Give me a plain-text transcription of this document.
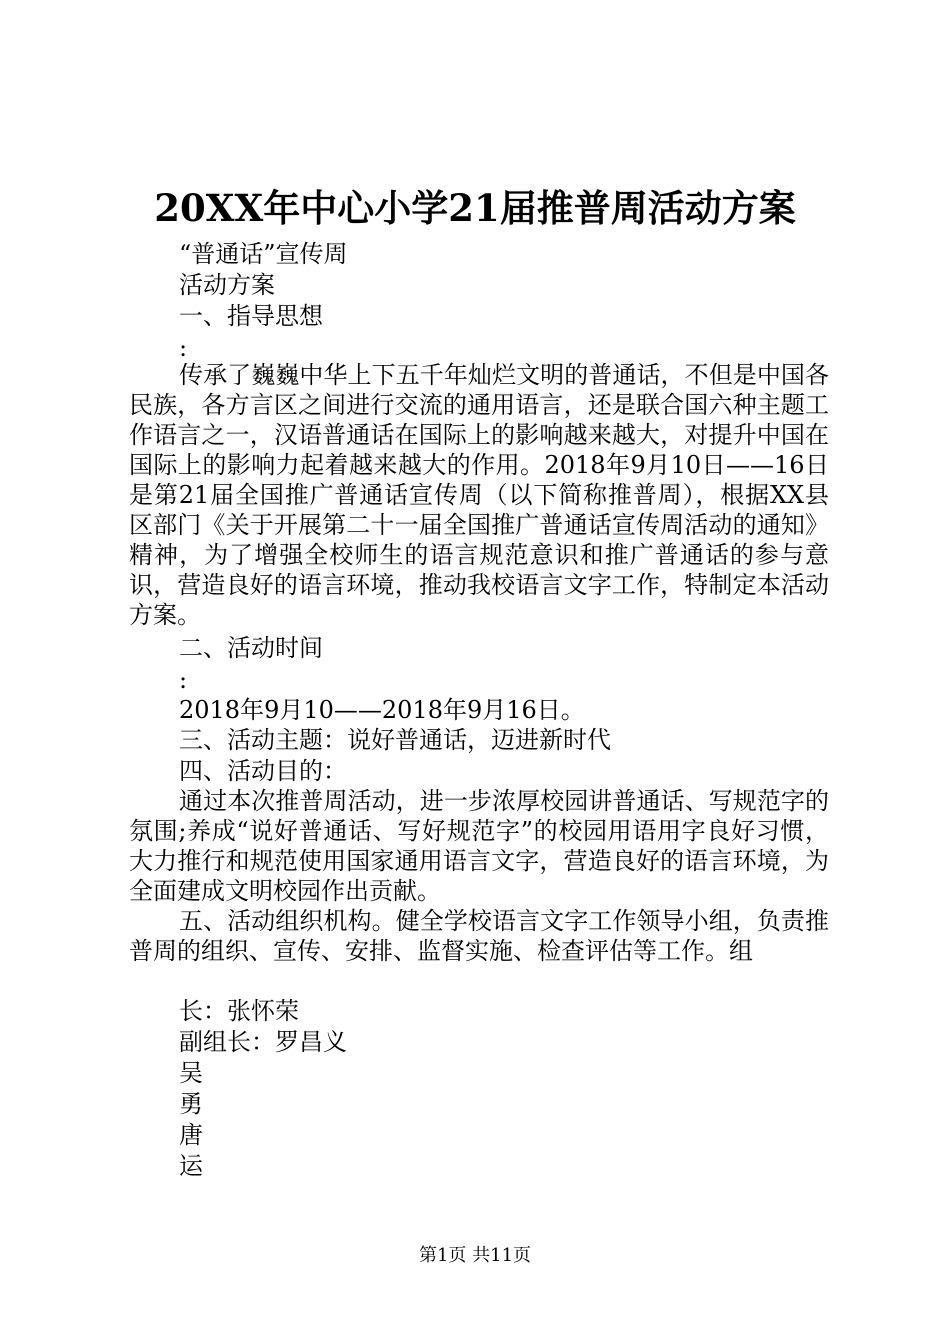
20XX年中心小学21届推普周活动方案
“普通话”宣传周
活动方案
一、指导思想
:

传承了巍巍中华上下五千年灿烂文明的普通话，不但是中国各民族，各方言区之间进行交流的通用语言，还是联合国六种主题工作语言之一，汉语普通话在国际上的影响越来越大，对提升中国在国际上的影响力起着越来越大的作用。2018年9月10日——16日是第21届全国推广普通话宣传周（以下简称推普周），根据XX县区部门《关于开展第二十一届全国推广普通话宣传周活动的通知》精神，为了增强全校师生的语言规范意识和推广普通话的参与意识，营造良好的语言环境，推动我校语言文字工作，特制定本活动方案。

二、活动时间
:
2018年9月10——2018年9月16日。
三、活动主题：说好普通话，迈进新时代
四、活动目的：

通过本次推普周活动，进一步浓厚校园讲普通话、写规范字的氛围;养成“说好普通话、写好规范字”的校园用语用字良好习惯，大力推行和规范使用国家通用语言文字，营造良好的语言环境，为全面建成文明校园作出贡献。

五、活动组织机构。健全学校语言文字工作领导小组，负责推普周的组织、宣传、安排、监督实施、检查评估等工作。组

长：张怀荣
副组长：罗昌义
吴
勇
唐
运
第1页 共11页
